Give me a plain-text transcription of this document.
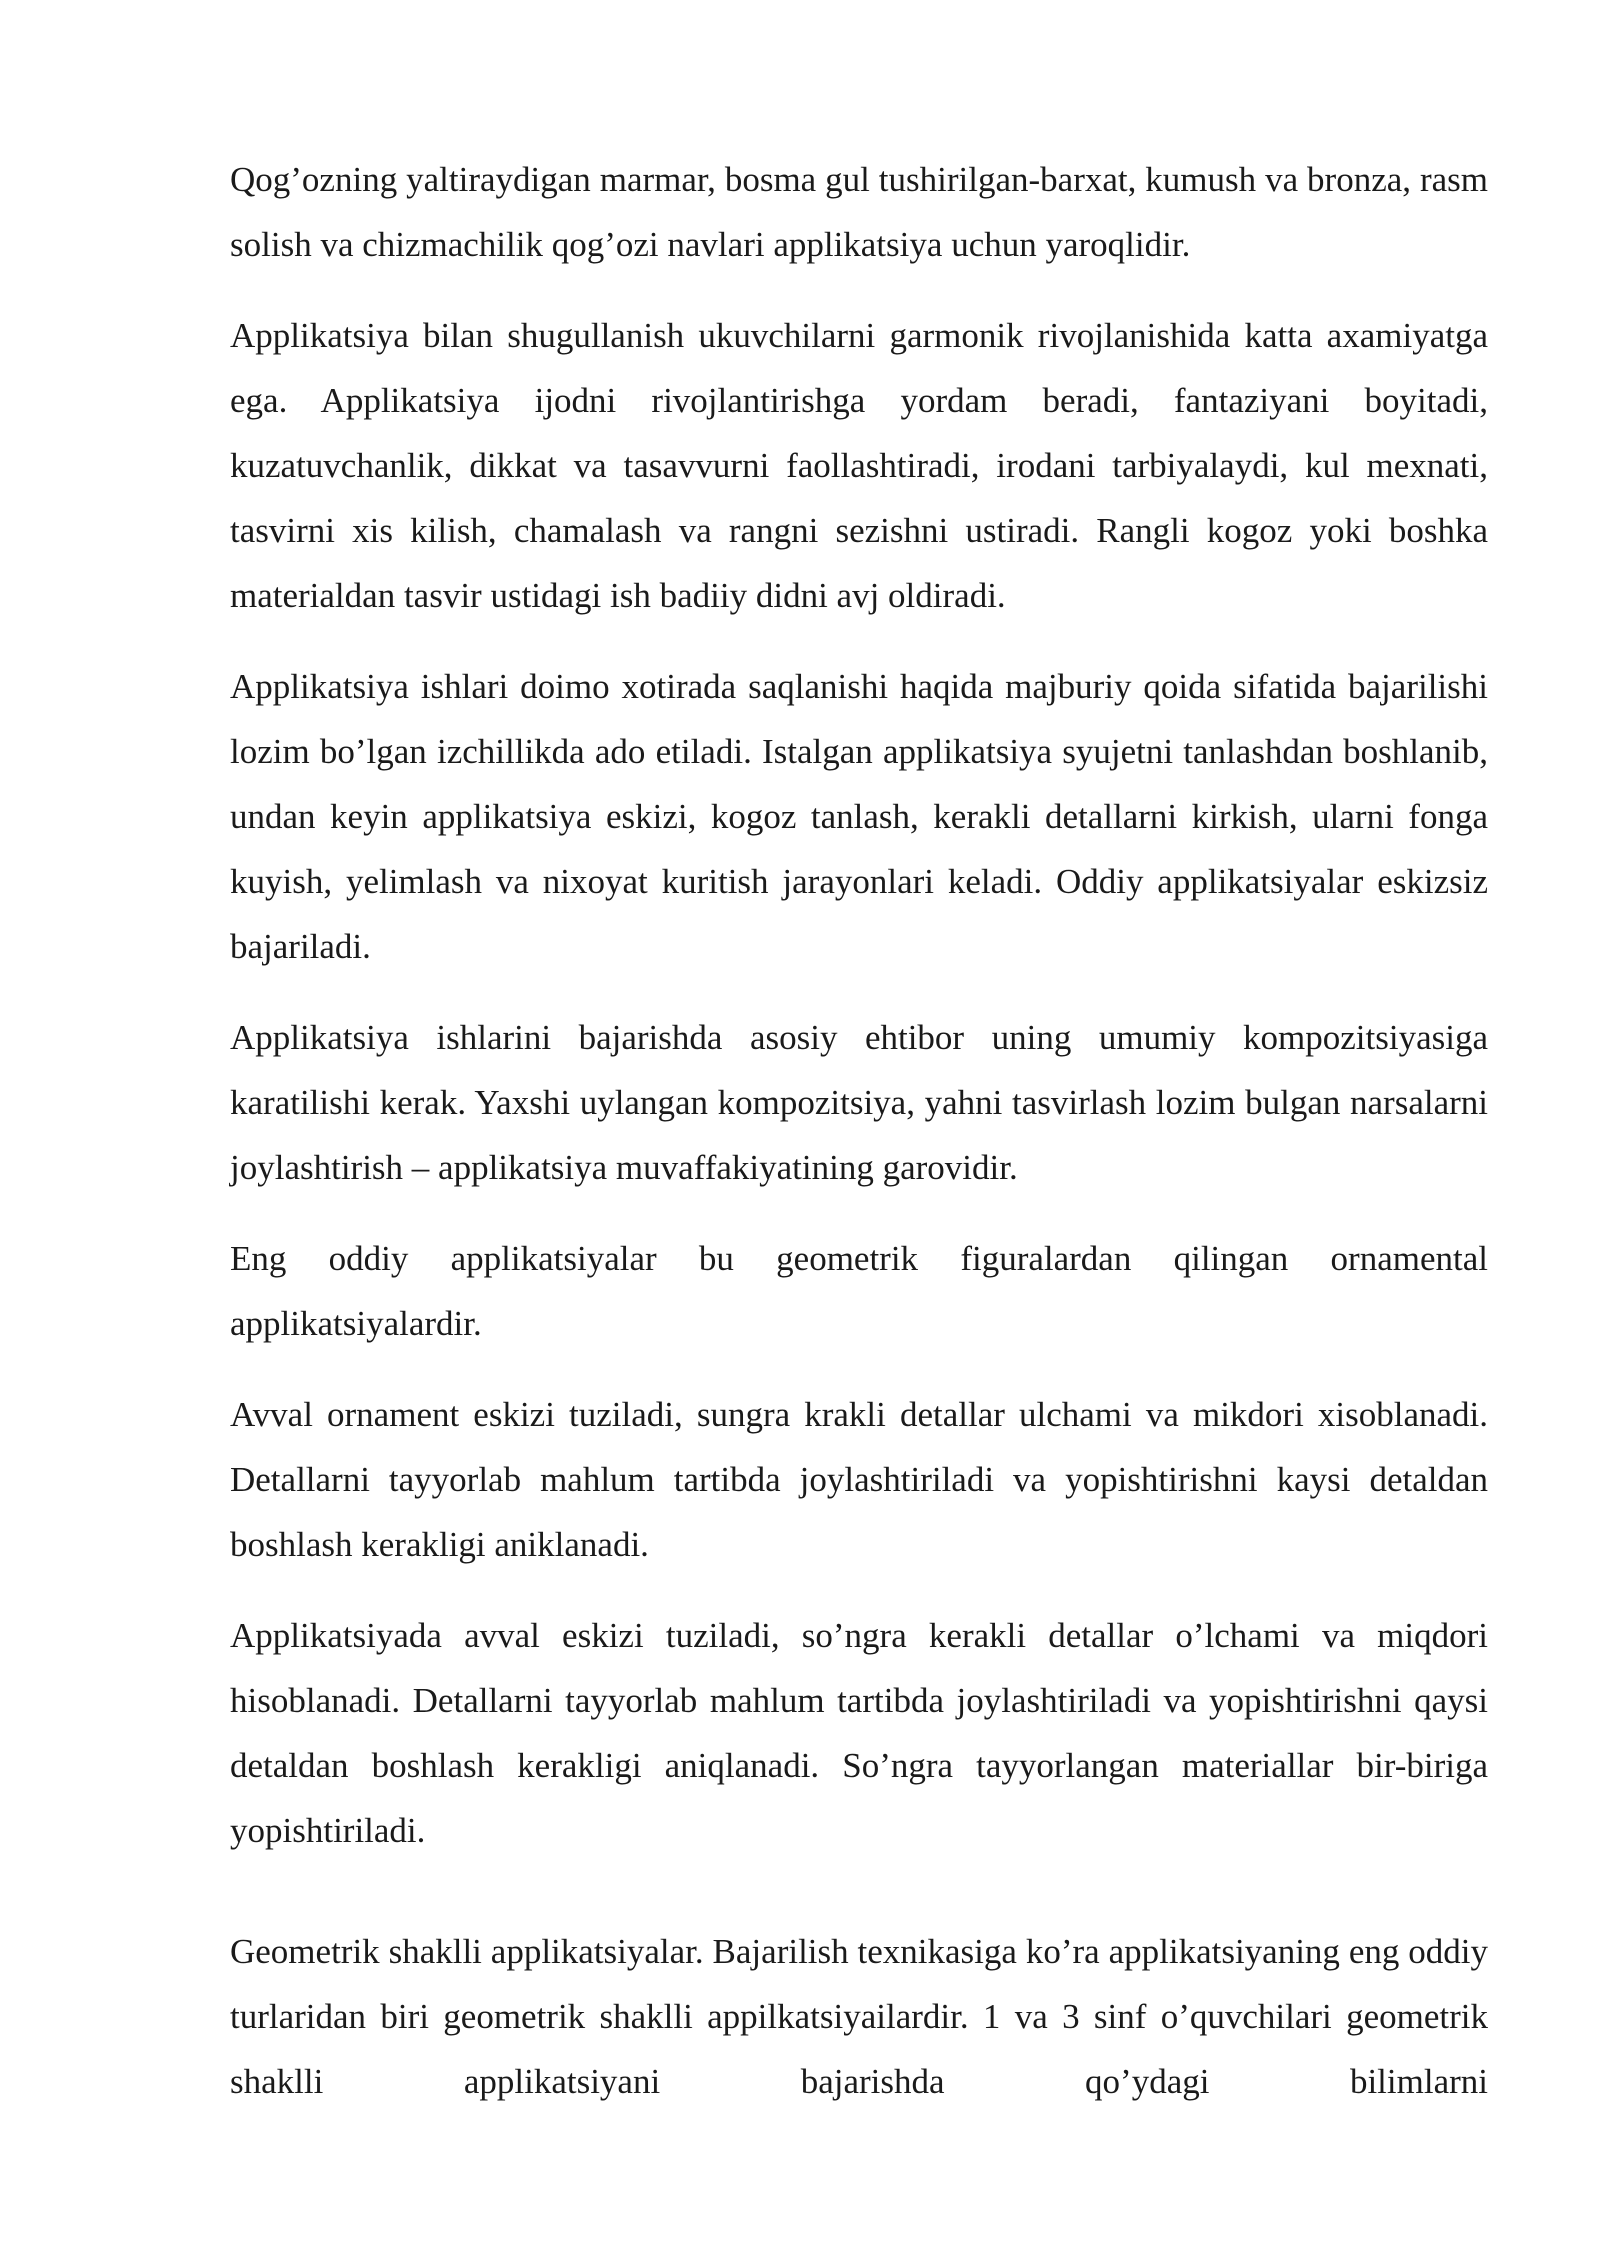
Qog’ozning yaltiraydigan marmar, bosma gul tushirilgan-barxat, kumush va bronza, rasm solish va chizmachilik qog’ozi navlari applikatsiya uchun yaroqlidir.

Applikatsiya bilan shugullanish ukuvchilarni garmonik rivojlanishida katta axamiyatga ega. Applikatsiya ijodni rivojlantirishga yordam beradi, fantaziyani boyitadi, kuzatuvchanlik, dikkat va tasavvurni faollashtiradi, irodani tarbiyalaydi, kul mexnati, tasvirni xis kilish, chamalash va rangni sezishni ustiradi. Rangli kogoz yoki boshka materialdan tasvir ustidagi ish badiiy didni avj oldiradi.

Applikatsiya ishlari doimo xotirada saqlanishi haqida majburiy qoida sifatida bajarilishi lozim bo’lgan izchillikda ado etiladi. Istalgan applikatsiya syujetni tanlashdan boshlanib, undan keyin applikatsiya eskizi, kogoz tanlash, kerakli detallarni kirkish, ularni fonga kuyish, yelimlash va nixoyat kuritish jarayonlari keladi. Oddiy applikatsiyalar eskizsiz bajariladi.

Applikatsiya ishlarini bajarishda asosiy ehtibor uning umumiy kompozitsiyasiga karatilishi kerak. Yaxshi uylangan kompozitsiya, yahni tasvirlash lozim bulgan narsalarni joylashtirish – applikatsiya muvaffakiyatining garovidir.

Eng oddiy applikatsiyalar bu geometrik figuralardan qilingan ornamental applikatsiyalardir.

Avval ornament eskizi tuziladi, sungra krakli detallar ulchami va mikdori xisoblanadi. Detallarni tayyorlab mahlum tartibda joylashtiriladi va yopishtirishni kaysi detaldan boshlash kerakligi aniklanadi.

Applikatsiyada avval eskizi tuziladi, so’ngra kerakli detallar o’lchami va miqdori hisoblanadi. Detallarni tayyorlab mahlum tartibda joylashtiriladi va yopishtirishni qaysi detaldan boshlash kerakligi aniqlanadi. So’ngra tayyorlangan materiallar bir-biriga yopishtiriladi.

Geometrik shaklli applikatsiyalar. Bajarilish texnikasiga ko’ra applikatsiyaning eng oddiy turlaridan biri geometrik shaklli appilkatsiyailardir. 1 va 3 sinf o’quvchilari geometrik shaklli applikatsiyani bajarishda qo’ydagi bilimlarni
